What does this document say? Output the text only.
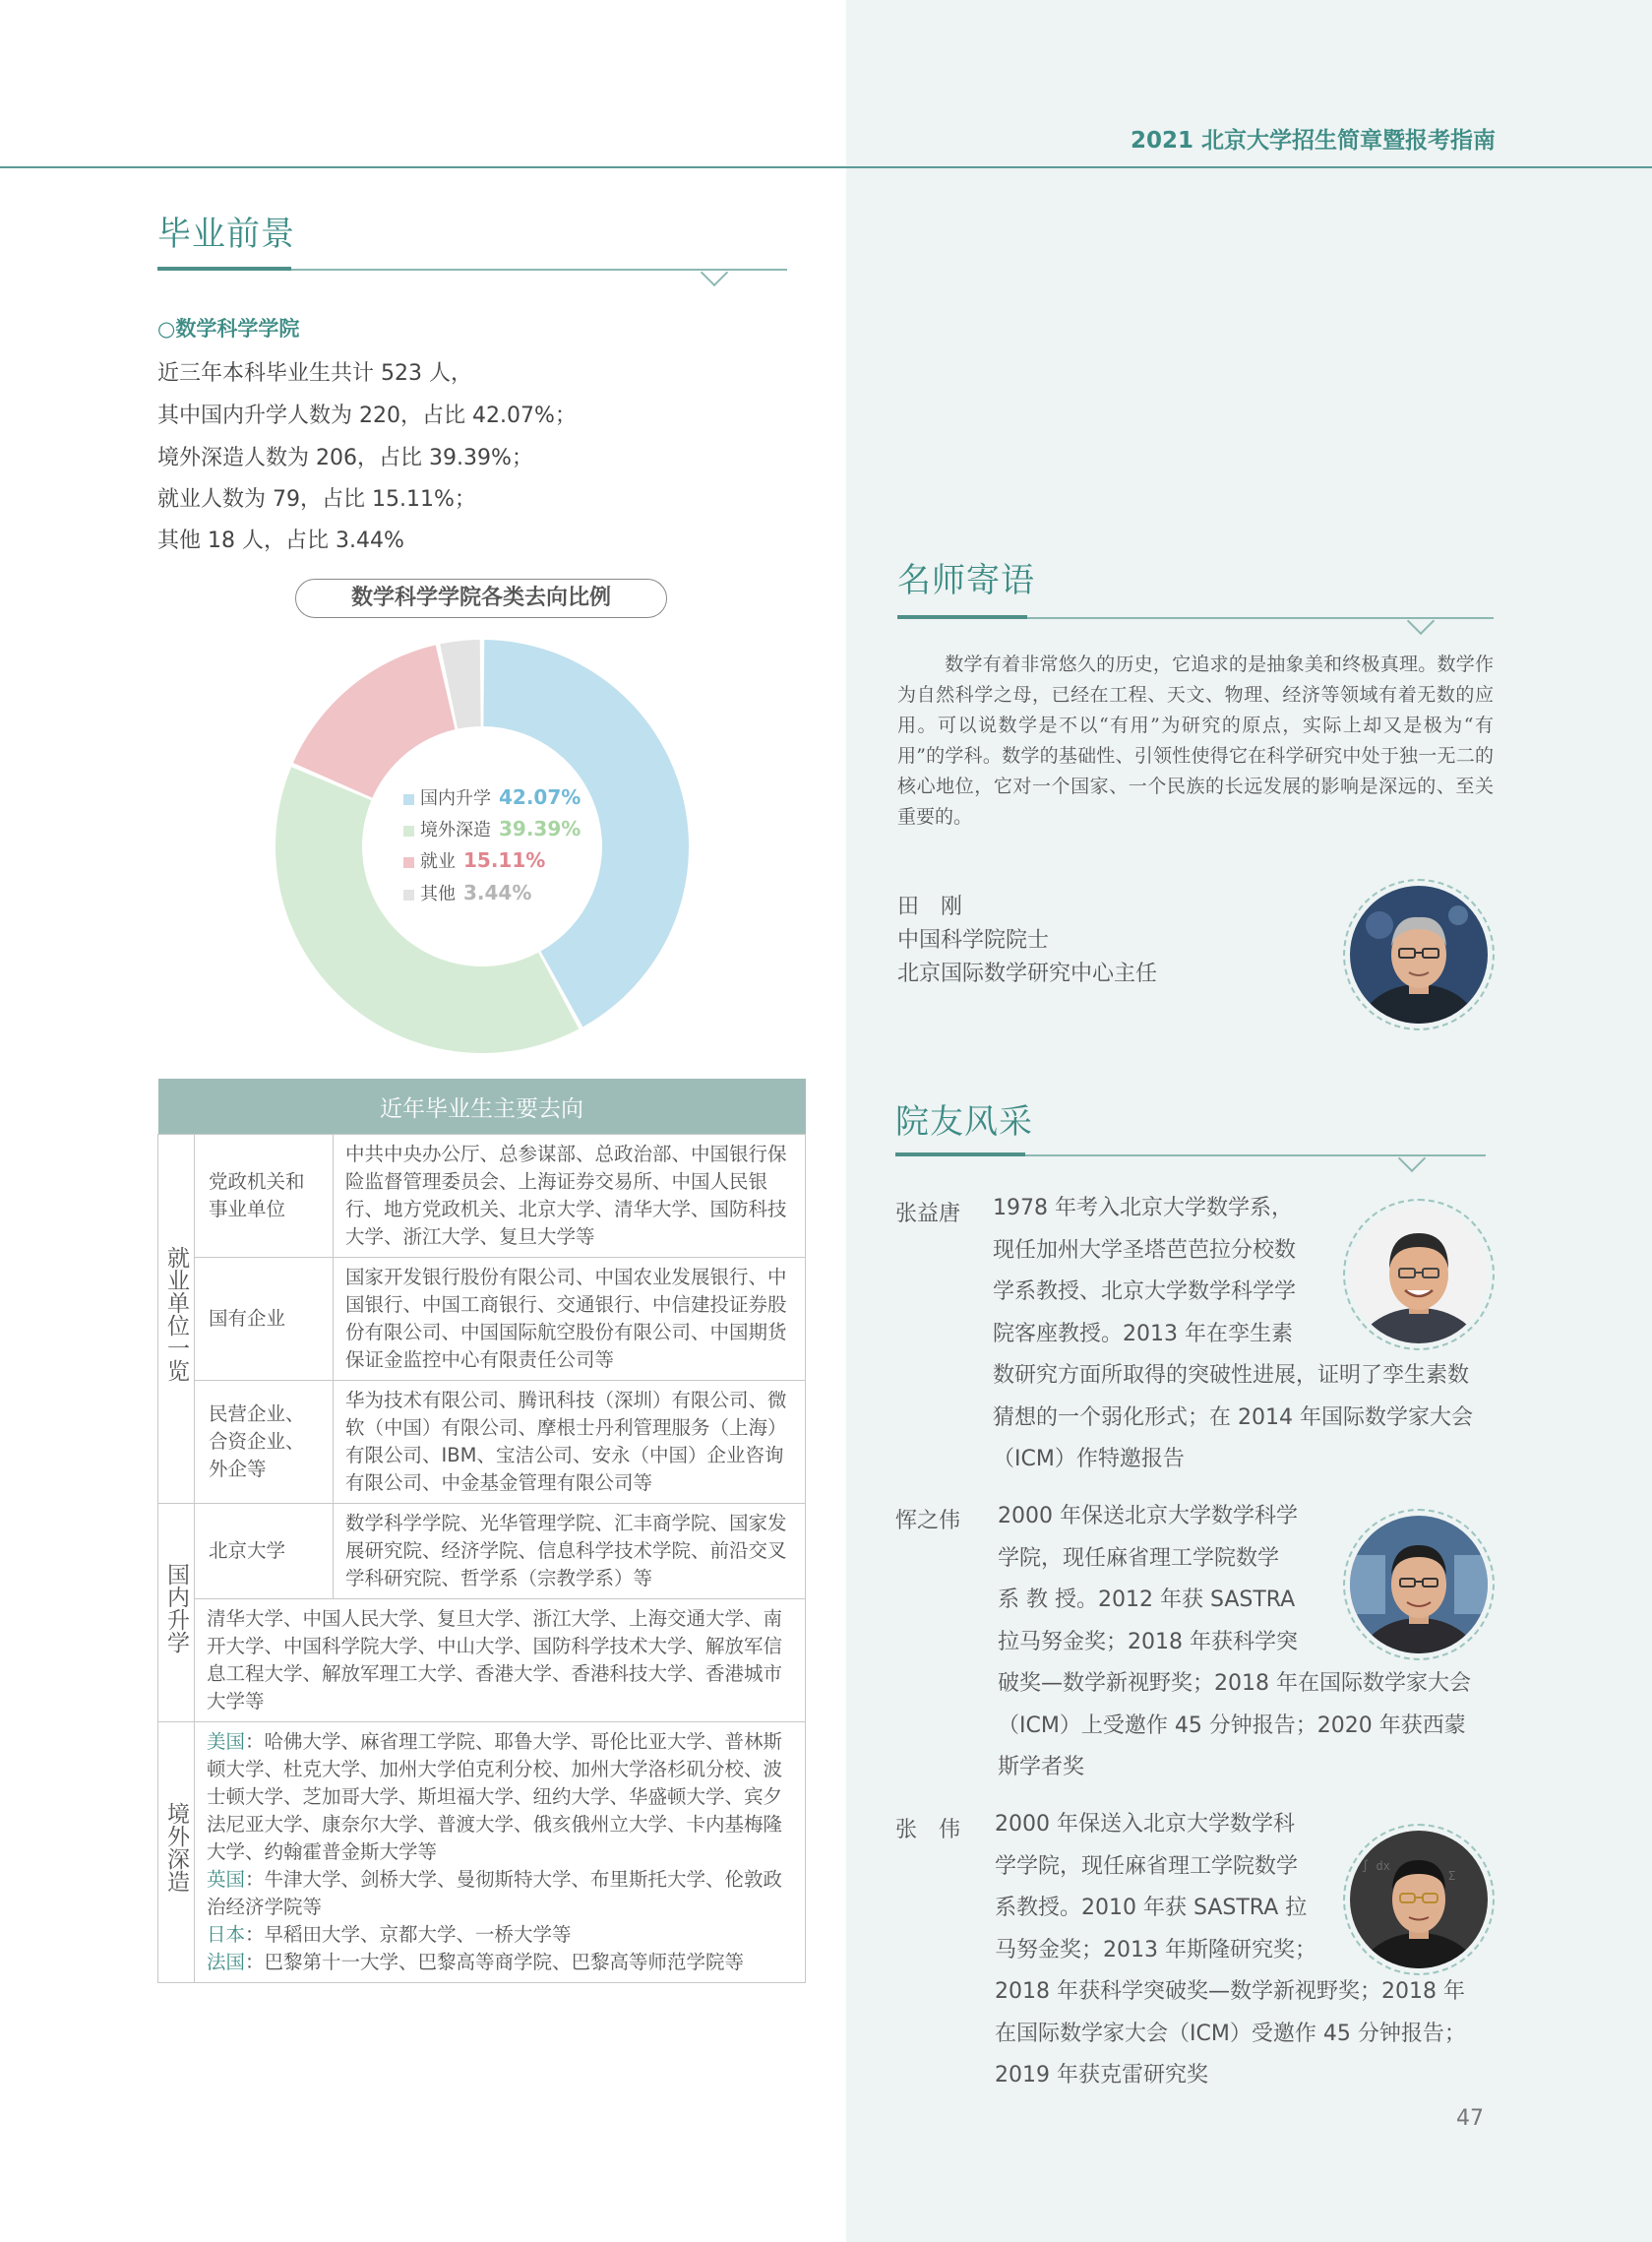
2021 北京大学招生简章暨报考指南
毕业前景
○数学科学学院
近三年本科毕业生共计 523 人，
其中国内升学人数为 220，占比 42.07%；
境外深造人数为 206，占比 39.39%；
就业人数为 79，占比 15.11%；
其他 18 人，占比 3.44%
数学科学学院各类去向比例
国内升学 42.07%
境外深造 39.39%
就业 15.11%
其他 3.44%
近年毕业生主要去向		
就业单位一览	党政机关和事业单位	中共中央办公厅、总参谋部、总政治部、中国银行保险监督管理委员会、上海证券交易所、中国人民银行、地方党政机关、北京大学、清华大学、国防科技大学、浙江大学、复旦大学等
	国有企业	国家开发银行股份有限公司、中国农业发展银行、中国银行、中国工商银行、交通银行、中信建投证券股份有限公司、中国国际航空股份有限公司、中国期货保证金监控中心有限责任公司等
	民营企业、合资企业、外企等	华为技术有限公司、腾讯科技（深圳）有限公司、微软（中国）有限公司、摩根士丹利管理服务（上海）有限公司、IBM、宝洁公司、安永（中国）企业咨询有限公司、中金基金管理有限公司等
国内升学	北京大学	数学科学学院、光华管理学院、汇丰商学院、国家发展研究院、经济学院、信息科学技术学院、前沿交叉学科研究院、哲学系（宗教学系）等
	清华大学、中国人民大学、复旦大学、浙江大学、上海交通大学、南开大学、中国科学院大学、中山大学、国防科学技术大学、解放军信息工程大学、解放军理工大学、香港大学、香港科技大学、香港城市大学等	
境外深造	美国：哈佛大学、麻省理工学院、耶鲁大学、哥伦比亚大学、普林斯顿大学、杜克大学、加州大学伯克利分校、加州大学洛杉矶分校、波士顿大学、芝加哥大学、斯坦福大学、纽约大学、华盛顿大学、宾夕法尼亚大学、康奈尔大学、普渡大学、俄亥俄州立大学、卡内基梅隆大学、约翰霍普金斯大学等
英国：牛津大学、剑桥大学、曼彻斯特大学、布里斯托大学、伦敦政治经济学院等
日本：早稻田大学、京都大学、一桥大学等
法国：巴黎第十一大学、巴黎高等商学院、巴黎高等师范学院等	
名师寄语
数学有着非常悠久的历史，它追求的是抽象美和终极真理。数学作为自然科学之母，已经在工程、天文、物理、经济等领域有着无数的应用。可以说数学是不以“有用”为研究的原点，实际上却又是极为“有用”的学科。数学的基础性、引领性使得它在科学研究中处于独一无二的核心地位，它对一个国家、一个民族的长远发展的影响是深远的、至关重要的。
田　刚
中国科学院院士
北京国际数学研究中心主任
院友风采
张益唐 1978 年考入北京大学数学系，
现任加州大学圣塔芭芭拉分校数
学系教授、北京大学数学科学学
院客座教授。2013 年在孪生素
数研究方面所取得的突破性进展，证明了孪生素数
猜想的一个弱化形式；在 2014 年国际数学家大会
（ICM）作特邀报告
恽之伟 2000 年保送北京大学数学科学
学院，现任麻省理工学院数学
系 教 授。2012 年获 SASTRA
拉马努金奖；2018 年获科学突
破奖—数学新视野奖；2018 年在国际数学家大会
（ICM）上受邀作 45 分钟报告；2020 年获西蒙
斯学者奖
张　伟 2000 年保送入北京大学数学科
学学院，现任麻省理工学院数学
系教授。2010 年获 SASTRA 拉
马努金奖；2013 年斯隆研究奖；
2018 年获科学突破奖—数学新视野奖；2018 年
在国际数学家大会（ICM）受邀作 45 分钟报告；
2019 年获克雷研究奖
∫ dx
Σ
47
